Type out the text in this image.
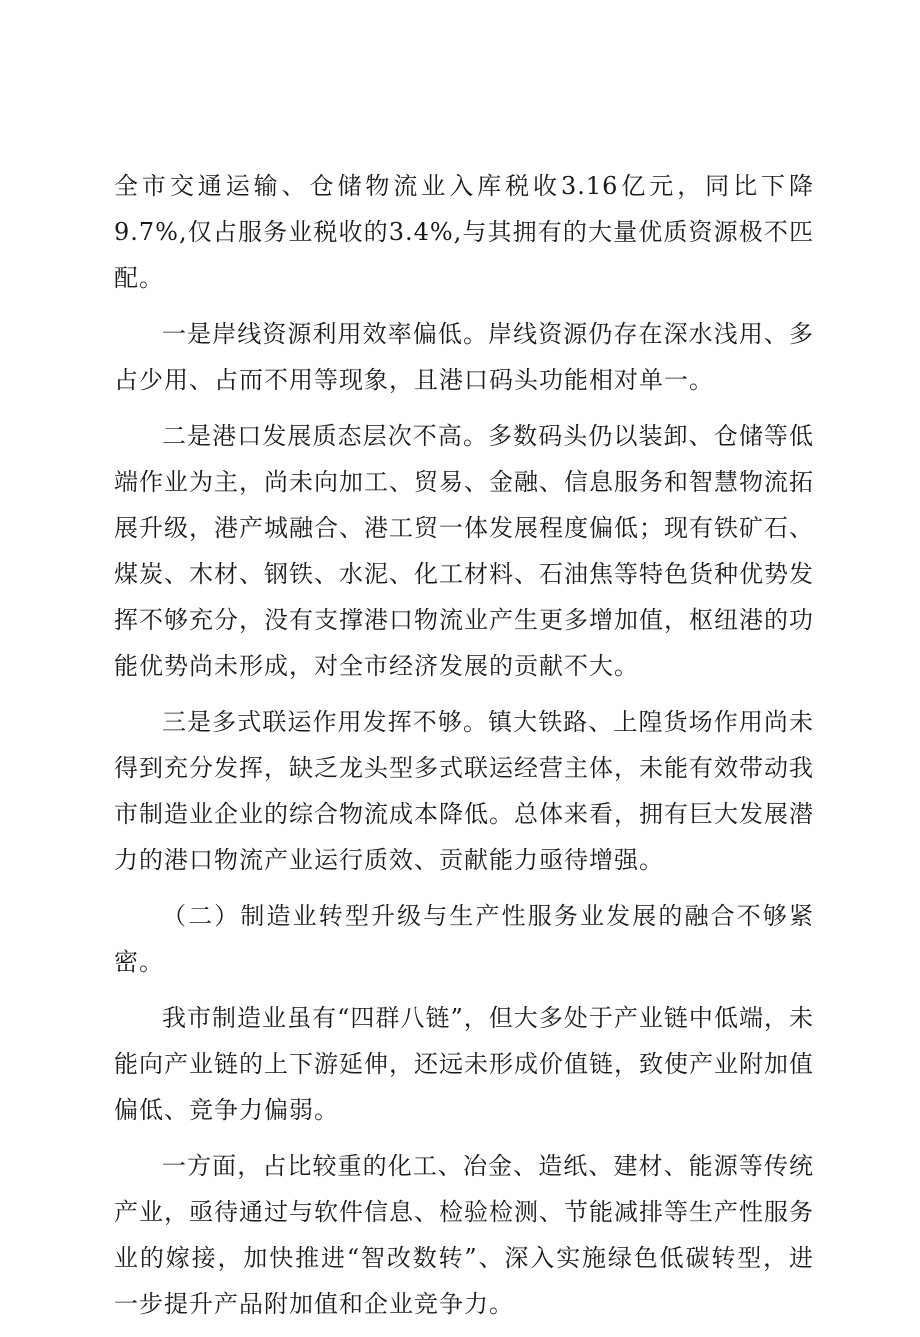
全市交通运输、仓储物流业入库税收3.16亿元，同比下降9.7%,仅占服务业税收的3.4%,与其拥有的大量优质资源极不匹配。

一是岸线资源利用效率偏低。岸线资源仍存在深水浅用、多占少用、占而不用等现象，且港口码头功能相对单一。

二是港口发展质态层次不高。多数码头仍以装卸、仓储等低端作业为主，尚未向加工、贸易、金融、信息服务和智慧物流拓展升级，港产城融合、港工贸一体发展程度偏低；现有铁矿石、煤炭、木材、钢铁、水泥、化工材料、石油焦等特色货种优势发挥不够充分，没有支撑港口物流业产生更多增加值，枢纽港的功能优势尚未形成，对全市经济发展的贡献不大。

三是多式联运作用发挥不够。镇大铁路、上隍货场作用尚未得到充分发挥，缺乏龙头型多式联运经营主体，未能有效带动我市制造业企业的综合物流成本降低。总体来看，拥有巨大发展潜力的港口物流产业运行质效、贡献能力亟待增强。

（二）制造业转型升级与生产性服务业发展的融合不够紧密。

我市制造业虽有“四群八链”，但大多处于产业链中低端，未能向产业链的上下游延伸，还远未形成价值链，致使产业附加值偏低、竞争力偏弱。

一方面，占比较重的化工、冶金、造纸、建材、能源等传统产业，亟待通过与软件信息、检验检测、节能减排等生产性服务业的嫁接，加快推进“智改数转”、深入实施绿色低碳转型，进一步提升产品附加值和企业竞争力。
